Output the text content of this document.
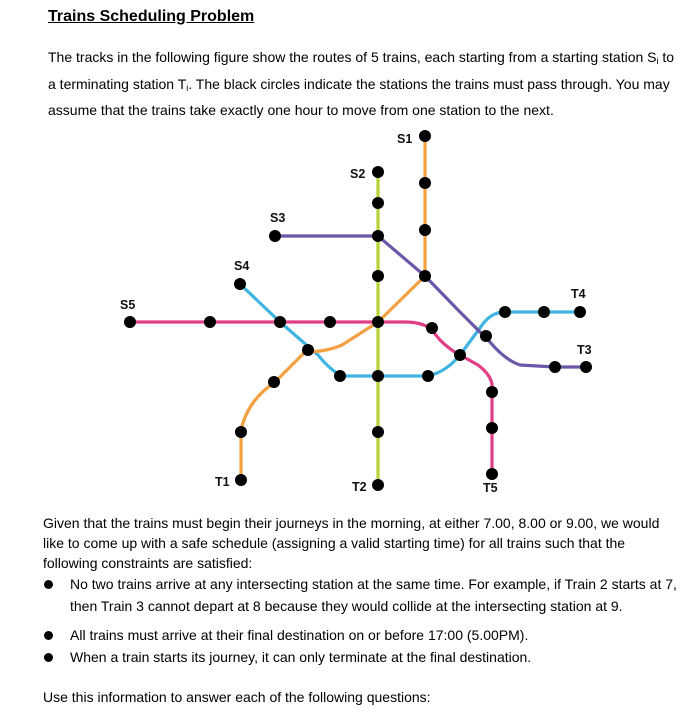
Trains Scheduling Problem

The tracks in the following figure show the routes of 5 trains, each starting from a starting station $S_i$ to a terminating station $T_i$. The black circles indicate the stations the trains must pass through. You may assume that the trains take exactly one hour to move from one station to the next.

S1
S2
S3
S4
S5
T1	T2
T3
T4
T5

Given that the trains must begin their journeys in the morning, at either 7.00, 8.00 or 9.00, we would like to come up with a safe schedule (assigning a valid starting time) for all trains such that the following constraints are satisfied:

No two trains arrive at any intersecting station at the same time. For example, if Train 2 starts at 7, then Train 3 cannot depart at 8 because they would collide at the intersecting station at 9.
All trains must arrive at their final destination on or before 17:00 (5.00PM).
When a train starts its journey, it can only terminate at the final destination.

Use this information to answer each of the following questions:
